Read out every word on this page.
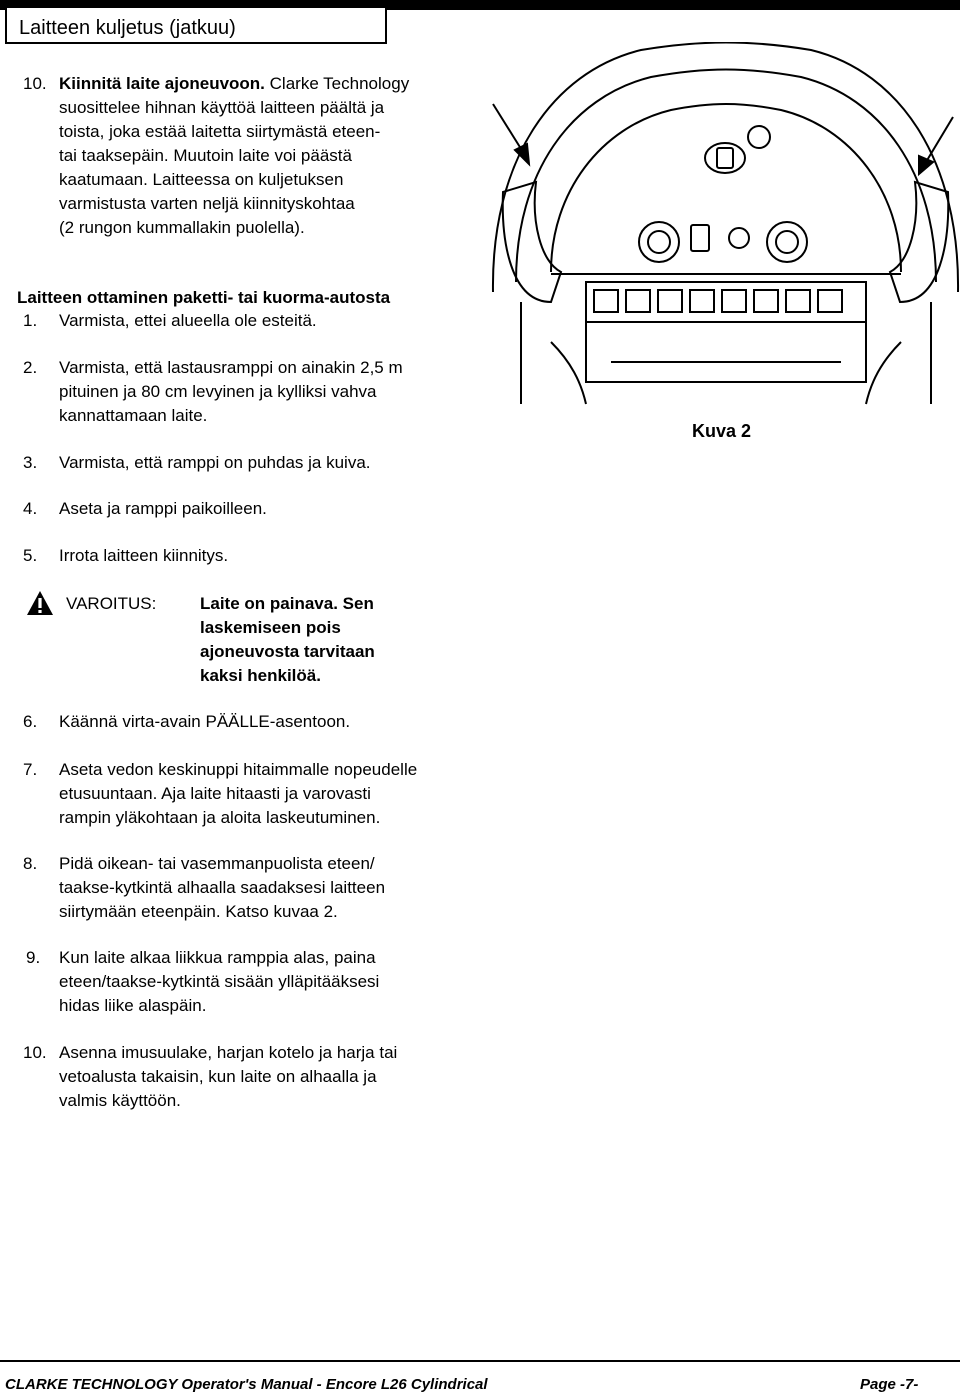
Laitteen kuljetus (jatkuu)
10. Kiinnitä laite ajoneuvoon. Clarke Technology
suosittelee hihnan käyttöä laitteen päältä ja
toista, joka estää laitetta siirtymästä eteen-
tai taaksepäin. Muutoin laite voi päästä
kaatumaan. Laitteessa on kuljetuksen
varmistusta varten neljä kiinnityskohtaa
(2 rungon kummallakin puolella).
Laitteen ottaminen paketti- tai kuorma-autosta
1. Varmista, ettei alueella ole esteitä.
2. Varmista, että lastausramppi on ainakin 2,5 m
pituinen ja 80 cm levyinen ja kylliksi vahva
kannattamaan laite.
3. Varmista, että ramppi on puhdas ja kuiva.
4. Aseta ja ramppi paikoilleen.
5. Irrota laitteen kiinnitys.
VAROITUS:	Laite on painava. Sen
laskemiseen pois
ajoneuvosta tarvitaan
kaksi henkilöä.
6. Käännä virta-avain PÄÄLLE-asentoon.
7. Aseta vedon keskinuppi hitaimmalle nopeudelle
etusuuntaan. Aja laite hitaasti ja varovasti
rampin yläkohtaan ja aloita laskeutuminen.
8. Pidä oikean- tai vasemmanpuolista eteen/
taakse-kytkintä alhaalla saadaksesi laitteen
siirtymään eteenpäin. Katso kuvaa 2.
9. Kun laite alkaa liikkua ramppia alas, paina
eteen/taakse-kytkintä sisään ylläpitääksesi
hidas liike alaspäin.
10. Asenna imusuulake, harjan kotelo ja harja tai
vetoalusta takaisin, kun laite on alhaalla ja
valmis käyttöön.
Kuva 2
CLARKE TECHNOLOGY Operator's Manual - Encore L26 Cylindrical	Page -7-
